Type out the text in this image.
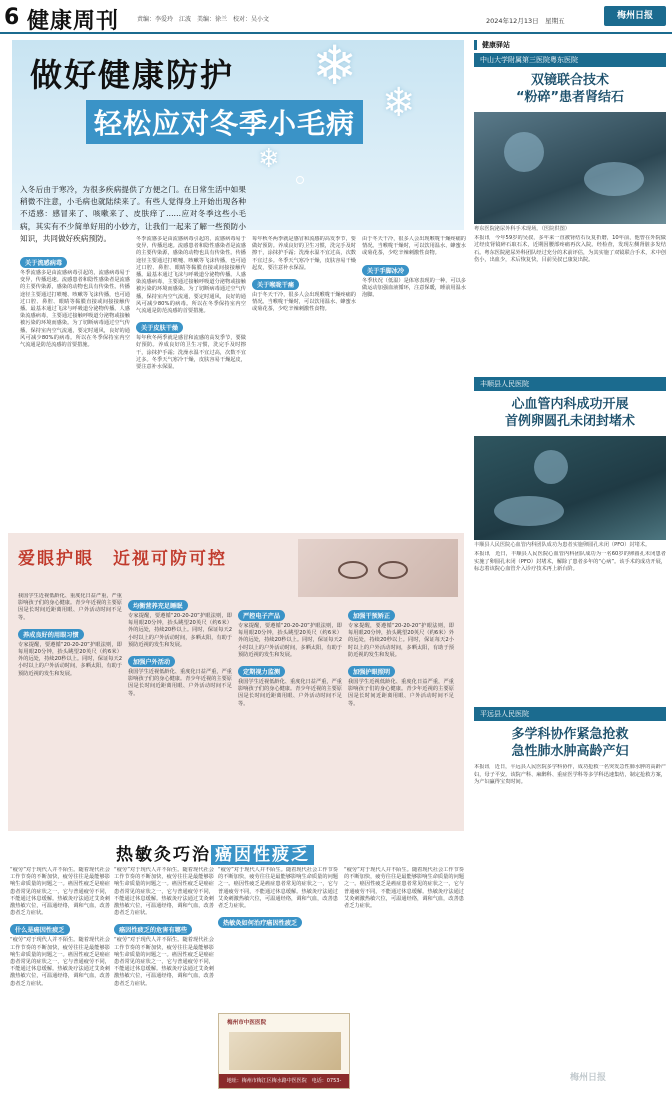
6 健康周刊	责编：李爱玲　江波　美编：徐兰　校对：吴小文	2024年12月13日　星期五	梅州日报
❄
❄
❄
做好健康防护
轻松应对冬季小毛病
入冬后由于寒冷，为很多疾病提供了方便之门。在日常生活中如果稍微不注意，小毛病也就陆续来了。有些人觉得身上开始出现各种不适感：感冒来了、咳嗽来了、皮肤痒了……应对冬季这些小毛病，其实有不少简单好用的小妙方，让我们一起来了解一些预防小知识，共同做好疾病预防。
关于流感病毒
冬季流感多是由流感病毒引起的，流感病毒易于变异，传播迅速。流感患者和隐性感染者是流感的主要传染源，感染的动物也具有传染性。传播途径主要通过打喷嚏、咳嗽等飞沫传播，也可通过口腔、鼻腔、眼睛等黏膜直接或间接接触传播。最基本通过飞沫与呼吸道分泌物传播。人感染流感病毒，主要通过接触呼吸道分泌物或接触被污染的环境而感染。为了切断病毒通过空气传播，保持室内空气流通，要定时通风，良好的通风可减少80%的病毒。所以在冬季保持室内空气流通是防范流感的首要措施。
冬季流感多是由流感病毒引起的，流感病毒易于变异，传播迅速。流感患者和隐性感染者是流感的主要传染源，感染的动物也具有传染性。传播途径主要通过打喷嚏、咳嗽等飞沫传播，也可通过口腔、鼻腔、眼睛等黏膜直接或间接接触传播。最基本通过飞沫与呼吸道分泌物传播。人感染流感病毒，主要通过接触呼吸道分泌物或接触被污染的环境而感染。为了切断病毒通过空气传播，保持室内空气流通，要定时通风，良好的通风可减少80%的病毒。所以在冬季保持室内空气流通是防范流感的首要措施。
关于皮肤干燥
每年秋冬两季就是感冒和流感的高发季节，要做好预防。养成良好的卫生习惯，洗完手及时擦干，涂抹护手霜；洗澡水温不宜过高，次数不宜过多。冬季天气寒冷干燥，皮肤容易干燥起皮，要注意补水保湿。
每年秋冬两季就是感冒和流感的高发季节，要做好预防。养成良好的卫生习惯，洗完手及时擦干，涂抹护手霜；洗澡水温不宜过高，次数不宜过多。冬季天气寒冷干燥，皮肤容易干燥起皮，要注意补水保湿。
关于喉咙干痛
由于冬天干冷，很多人会出现喉咙干燥疼痛的情况。当喉咙干燥时，可以饮用温水、蜂蜜水或菊花茶，少吃辛辣刺激性食物。
由于冬天干冷，很多人会出现喉咙干燥疼痛的情况。当喉咙干燥时，可以饮用温水、蜂蜜水或菊花茶，少吃辛辣刺激性食物。
关于手脚冰冷
冬季状况（低温）是体寒表现的一种，可以多做运动加强血液循环，注意保暖，睡前用温水泡脚。
健康驿站
中山大学附属第三医院粤东医院
双镜联合技术
“粉碎”患者肾结石
粤东医院泌尿外科手术现场。（医院供图）
本报讯　今年59岁的吴叔，多年来一直被肾结石反复折磨，10年前，他曾在外院做过经皮肾镜碎石取石术，近期因腰部疼痛再次入院。经检查，发现左侧肾脏多发结石。粤东医院泌尿外科团队经过充分的术前评估，为其实施了双镜联合手术，术中创伤小，出血少，术后恢复快，目前吴叔已康复出院。
丰顺县人民医院
心血管内科成功开展
首例卵圆孔未闭封堵术
丰顺县人民医院心血管内科团队成功为患者实施卵圆孔未闭（PFO）封堵术。
本报讯　近日，丰顺县人民医院心血管内科团队成功为一名60岁的卵圆孔未闭患者实施了卵圆孔未闭（PFO）封堵术，解除了患者多年的“心病”。该手术的成功开展，标志着该院心血管介入诊疗技术再上新台阶。
平远县人民医院
多学科协作紧急抢救
急性肺水肿高龄产妇
本报讯　近日，平远县人民医院多学科协作，成功抢救一名突发急性肺水肿的高龄产妇，母子平安。该院产科、麻醉科、重症医学科等多学科迅速集结，制定抢救方案，为产妇赢得宝贵时间。
爱眼护眼　近视可防可控
我国学生近视低龄化、重度化日益严重，严重影响孩子们的身心健康。青少年近视的主要原因是长时间近距离用眼、户外活动时间不足等。
养成良好的用眼习惯
专家提醒，要遵循“20-20-20”护眼法则，即每用眼20分钟，抬头眺望20英尺（约6米）外的远处，持续20秒以上。同时，保证每天2小时以上的户外活动时间，多晒太阳，有助于预防近视的发生和发展。
均衡营养充足睡眠
专家提醒，要遵循“20-20-20”护眼法则，即每用眼20分钟，抬头眺望20英尺（约6米）外的远处，持续20秒以上。同时，保证每天2小时以上的户外活动时间，多晒太阳，有助于预防近视的发生和发展。
加强户外活动
我国学生近视低龄化、重度化日益严重，严重影响孩子们的身心健康。青少年近视的主要原因是长时间近距离用眼、户外活动时间不足等。
严控电子产品
专家提醒，要遵循“20-20-20”护眼法则，即每用眼20分钟，抬头眺望20英尺（约6米）外的远处，持续20秒以上。同时，保证每天2小时以上的户外活动时间，多晒太阳，有助于预防近视的发生和发展。
定期视力监测
我国学生近视低龄化、重度化日益严重，严重影响孩子们的身心健康。青少年近视的主要原因是长时间近距离用眼、户外活动时间不足等。
加强干预矫正
专家提醒，要遵循“20-20-20”护眼法则，即每用眼20分钟，抬头眺望20英尺（约6米）外的远处，持续20秒以上。同时，保证每天2小时以上的户外活动时间，多晒太阳，有助于预防近视的发生和发展。
加强护眼照明
我国学生近视低龄化、重度化日益严重，严重影响孩子们的身心健康。青少年近视的主要原因是长时间近距离用眼、户外活动时间不足等。
热敏灸巧治 癌因性疲乏
“疲劳”对于现代人并不陌生。随着现代社会工作节奏的不断加快，疲劳往往是最能够影响生命质量的问题之一。癌因性疲乏是癌症患者常见的症状之一，它与普通疲劳不同，不能通过休息缓解。热敏灸疗法通过艾灸刺激热敏穴位，可温通经络，调和气血，改善患者乏力症状。
什么是癌因性疲乏
“疲劳”对于现代人并不陌生。随着现代社会工作节奏的不断加快，疲劳往往是最能够影响生命质量的问题之一。癌因性疲乏是癌症患者常见的症状之一，它与普通疲劳不同，不能通过休息缓解。热敏灸疗法通过艾灸刺激热敏穴位，可温通经络，调和气血，改善患者乏力症状。
“疲劳”对于现代人并不陌生。随着现代社会工作节奏的不断加快，疲劳往往是最能够影响生命质量的问题之一。癌因性疲乏是癌症患者常见的症状之一，它与普通疲劳不同，不能通过休息缓解。热敏灸疗法通过艾灸刺激热敏穴位，可温通经络，调和气血，改善患者乏力症状。
癌因性疲乏的危害有哪些
“疲劳”对于现代人并不陌生。随着现代社会工作节奏的不断加快，疲劳往往是最能够影响生命质量的问题之一。癌因性疲乏是癌症患者常见的症状之一，它与普通疲劳不同，不能通过休息缓解。热敏灸疗法通过艾灸刺激热敏穴位，可温通经络，调和气血，改善患者乏力症状。
“疲劳”对于现代人并不陌生。随着现代社会工作节奏的不断加快，疲劳往往是最能够影响生命质量的问题之一。癌因性疲乏是癌症患者常见的症状之一，它与普通疲劳不同，不能通过休息缓解。热敏灸疗法通过艾灸刺激热敏穴位，可温通经络，调和气血，改善患者乏力症状。
热敏灸如何治疗癌因性疲乏
“疲劳”对于现代人并不陌生。随着现代社会工作节奏的不断加快，疲劳往往是最能够影响生命质量的问题之一。癌因性疲乏是癌症患者常见的症状之一，它与普通疲劳不同，不能通过休息缓解。热敏灸疗法通过艾灸刺激热敏穴位，可温通经络，调和气血，改善患者乏力症状。
梅州市中医医院
地址：梅州市梅江区梅水路中医医院　电话：0753-2231380
梅州日报
